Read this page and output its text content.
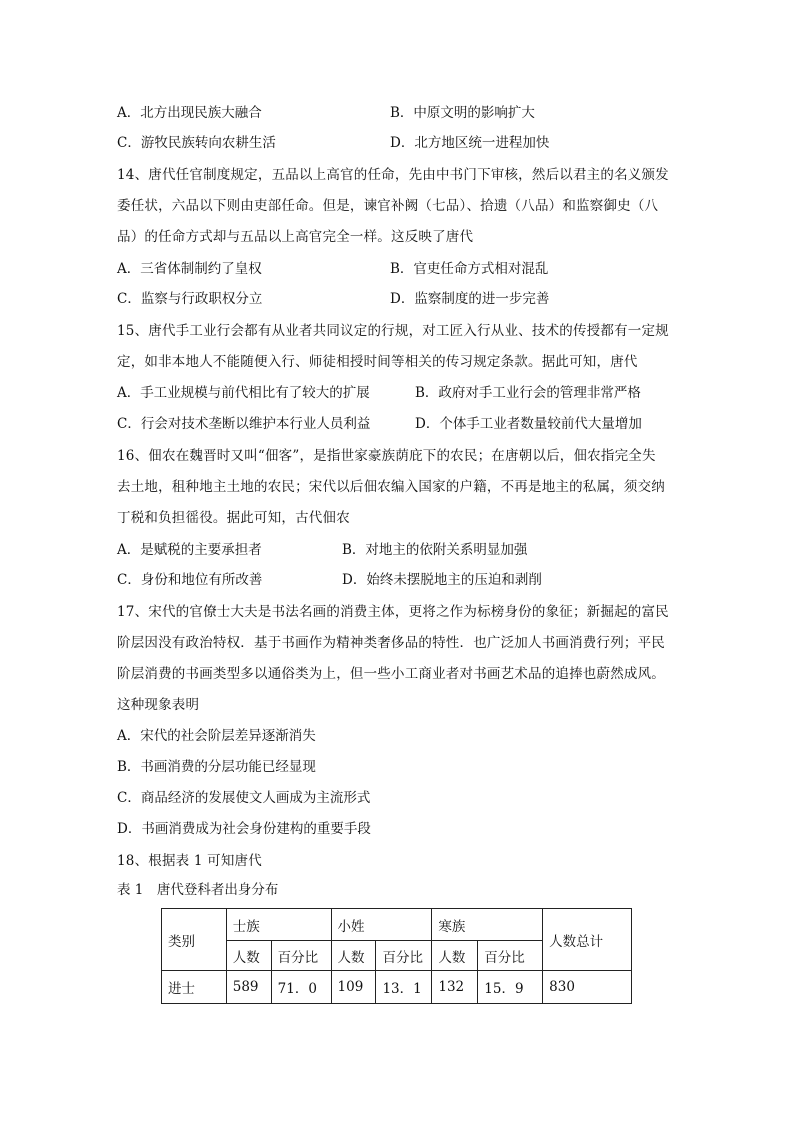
A．北方出现民族大融合	B．中原文明的影响扩大
C．游牧民族转向农耕生活	D．北方地区统一进程加快
14、唐代任官制度规定，五品以上高官的任命，先由中书门下审核，然后以君主的名义颁发
委任状，六品以下则由吏部任命。但是，谏官补阙（七品）、拾遗（八品）和监察御史（八
品）的任命方式却与五品以上高官完全一样。这反映了唐代
A．三省体制制约了皇权	B．官吏任命方式相对混乱
C．监察与行政职权分立	D．监察制度的进一步完善
15、唐代手工业行会都有从业者共同议定的行规，对工匠入行从业、技术的传授都有一定规
定，如非本地人不能随便入行、师徒相授时间等相关的传习规定条款。据此可知，唐代
A．手工业规模与前代相比有了较大的扩展	B．政府对手工业行会的管理非常严格
C．行会对技术垄断以维护本行业人员利益	D．个体手工业者数量较前代大量增加
16、佃农在魏晋时又叫“佃客”，是指世家豪族荫庇下的农民；在唐朝以后，佃农指完全失
去土地，租种地主土地的农民；宋代以后佃农编入国家的户籍，不再是地主的私属，须交纳
丁税和负担徭役。据此可知，古代佃农
A．是赋税的主要承担者	B．对地主的依附关系明显加强
C．身份和地位有所改善	D．始终未摆脱地主的压迫和剥削
17、宋代的官僚士大夫是书法名画的消费主体，更将之作为标榜身份的象征；新掘起的富民
阶层因没有政治特权．基于书画作为精神类奢侈品的特性．也广泛加人书画消费行列；平民
阶层消费的书画类型多以通俗类为上，但一些小工商业者对书画艺术品的追捧也蔚然成风。
这种现象表明
A．宋代的社会阶层差异逐渐消失
B．书画消费的分层功能已经显现
C．商品经济的发展使文人画成为主流形式
D．书画消费成为社会身份建构的重要手段
18、根据表 1 可知唐代
表 1　唐代登科者出身分布
类别	士族		小姓		寒族		人数总计
	人数	百分比	人数	百分比	人数	百分比	
进士	589	71．0	109	13．1	132	15．9	830
